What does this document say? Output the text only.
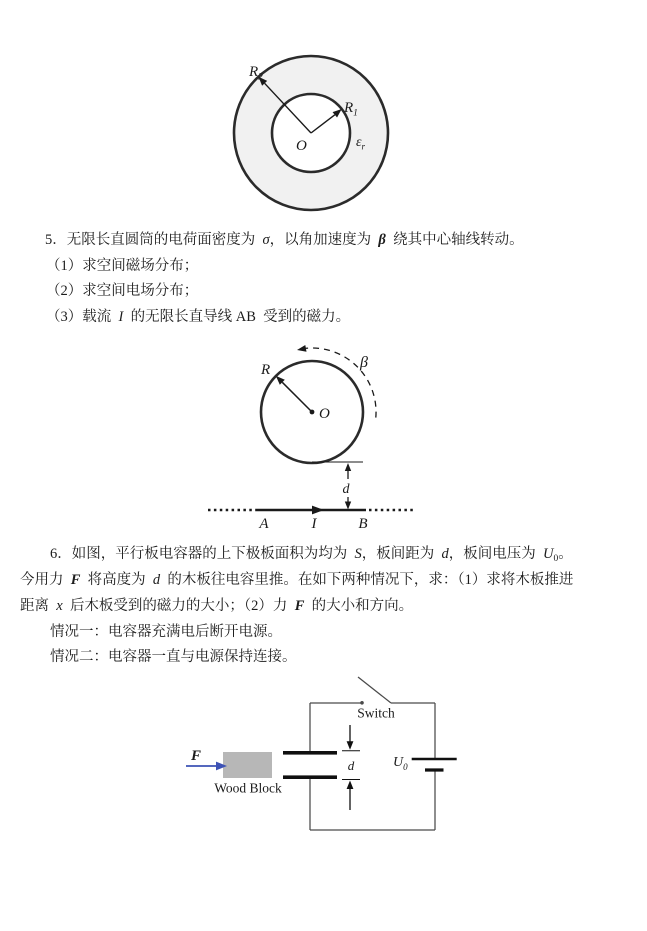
$R_2$
$R_1$
O	$\varepsilon_r$
5．无限长直圆筒的电荷面密度为  σ，以角加速度为  β  绕其中心轴线转动。
（1）求空间磁场分布；
（2）求空间电场分布；
（3）载流  I  的无限长直导线 AB  受到的磁力。
R
O
β
d
A	I	B
6．如图，平行板电容器的上下极板面积为均为  S，板间距为  d，板间电压为  $U_0$。
今用力  F  将高度为  d  的木板往电容里推。在如下两种情况下，求：（1）求将木板推进
距离  x  后木板受到的磁力的大小；（2）力  F  的大小和方向。
情况一：电容器充满电后断开电源。
情况二：电容器一直与电源保持连接。
Switch
$U_0$
d
Wood Block
F
